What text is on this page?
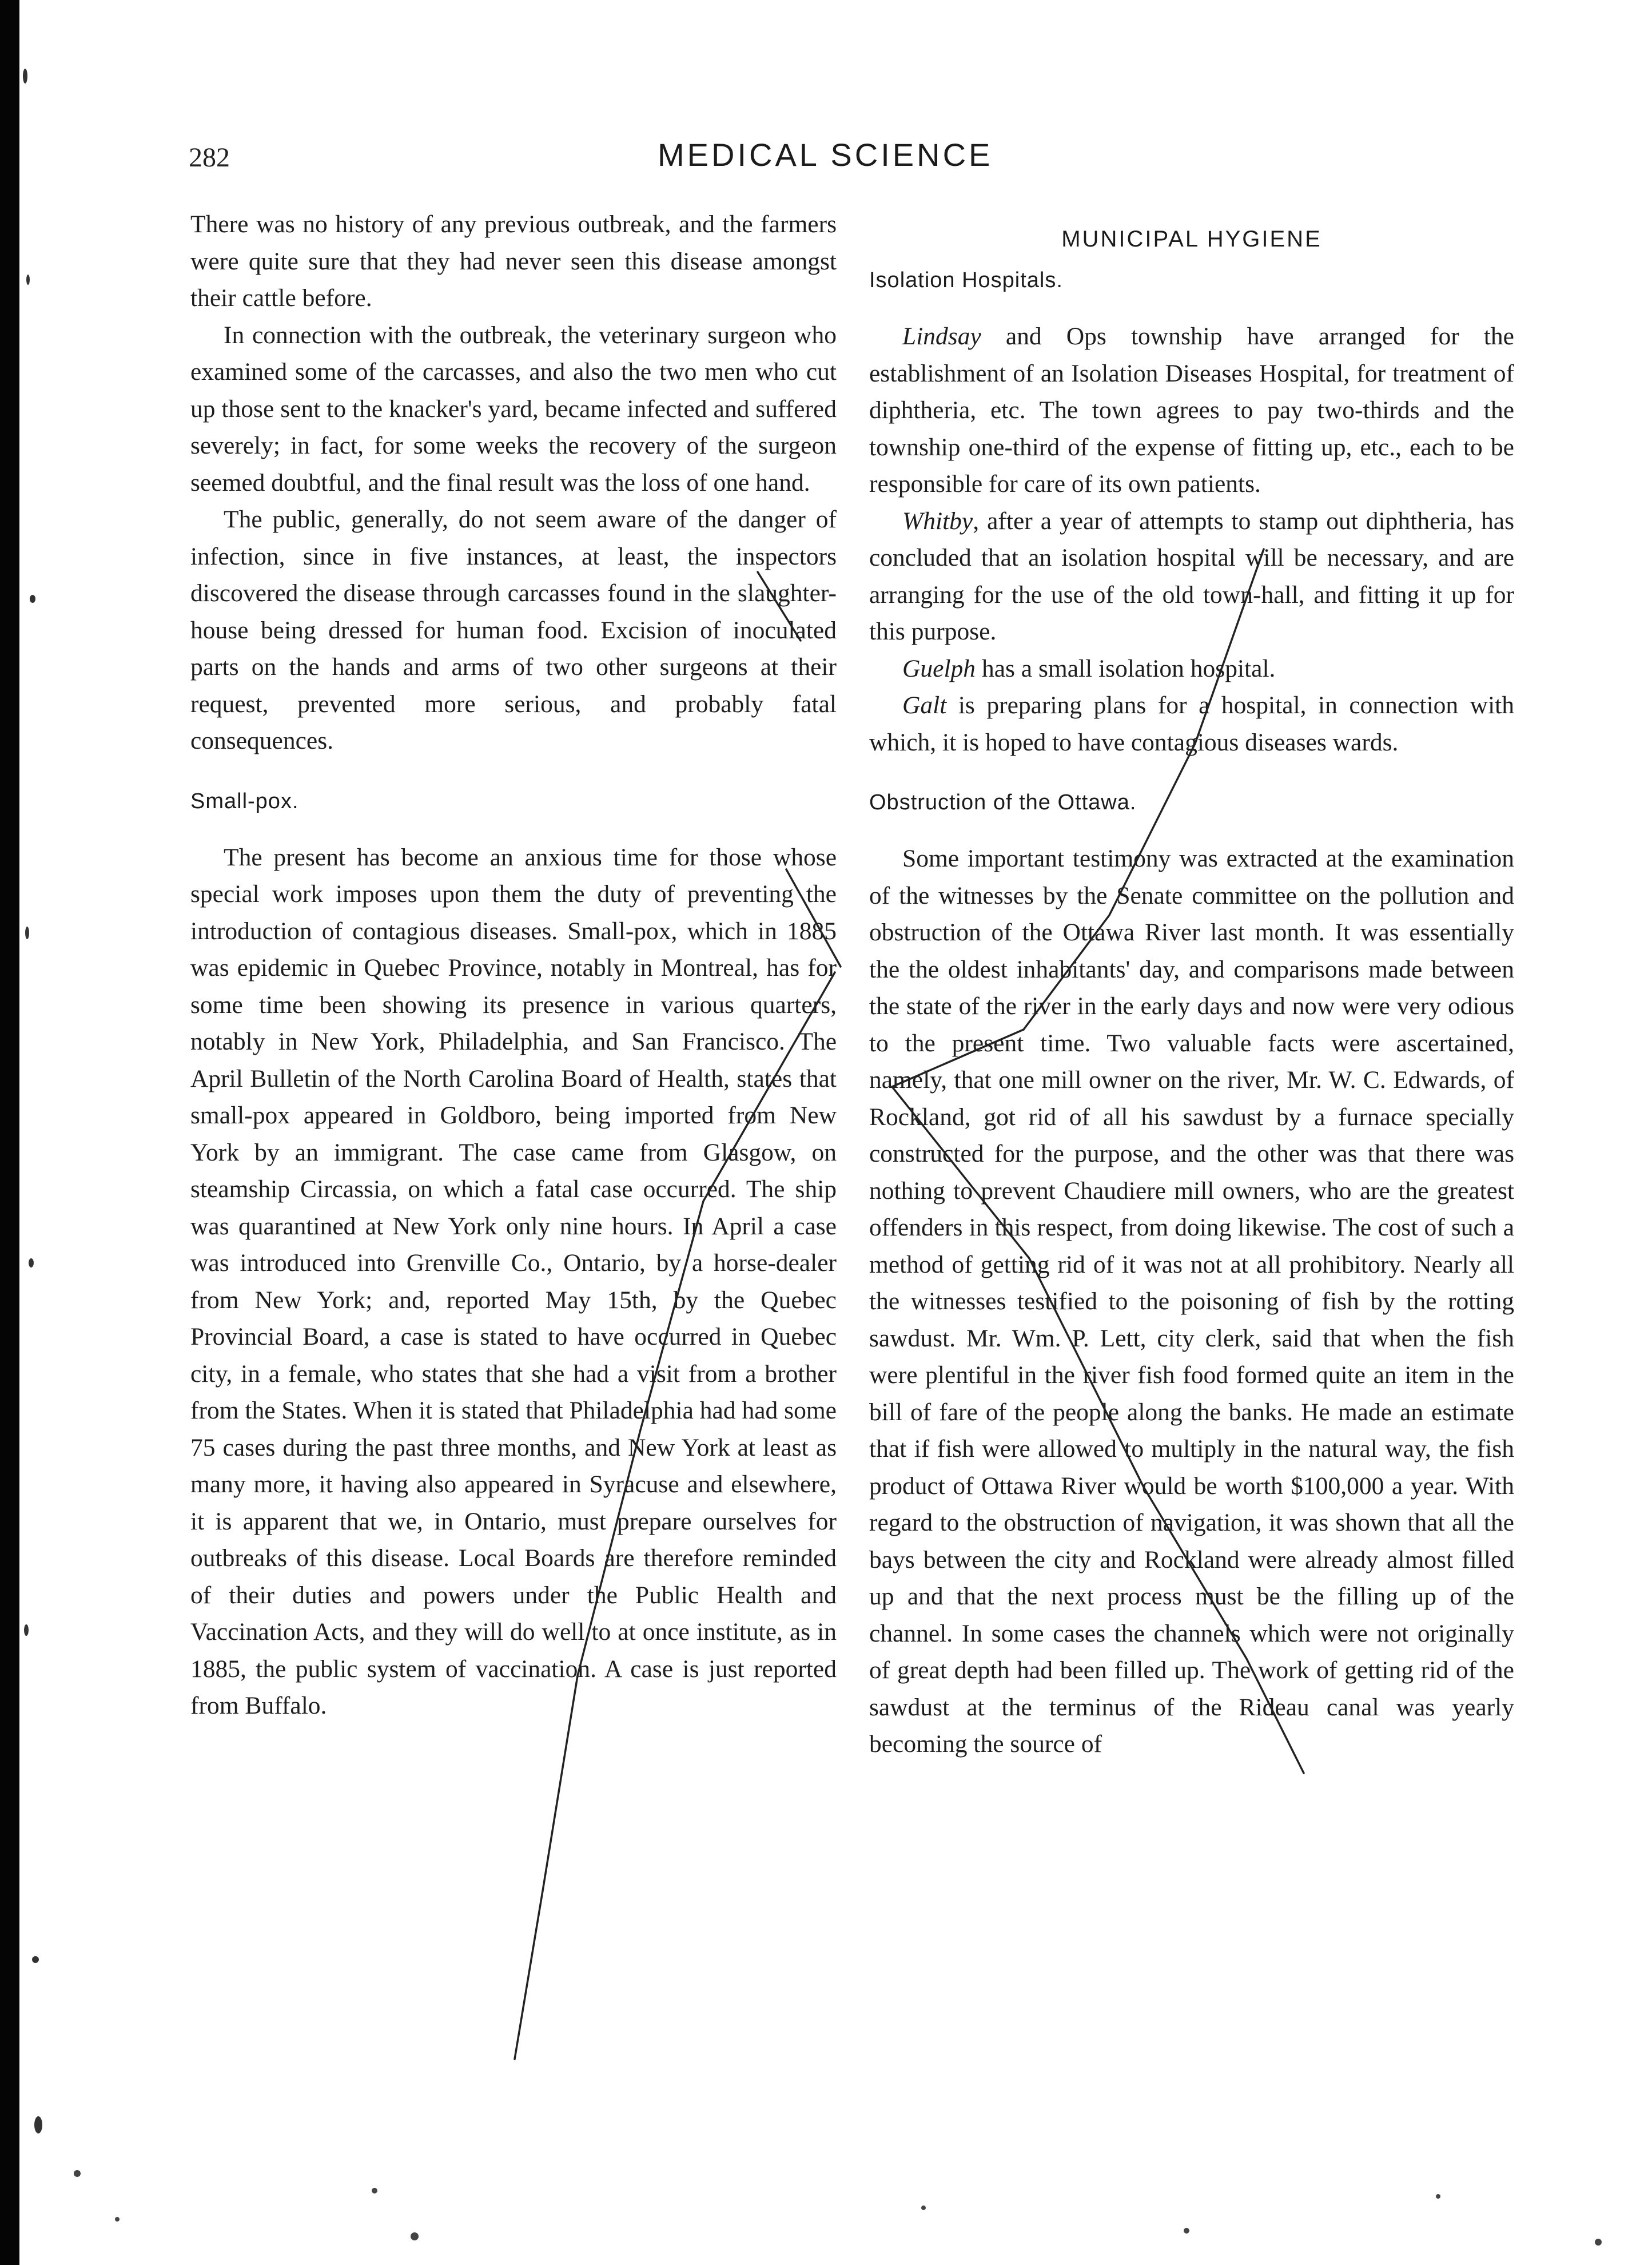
282	MEDICAL SCIENCE

There was no history of any previous outbreak, and the farmers were quite sure that they had never seen this disease amongst their cattle before.

In connection with the outbreak, the veterinary surgeon who examined some of the carcasses, and also the two men who cut up those sent to the knacker's yard, became infected and suffered severely; in fact, for some weeks the recovery of the surgeon seemed doubtful, and the final result was the loss of one hand.

The public, generally, do not seem aware of the danger of infection, since in five instances, at least, the inspectors discovered the disease through carcasses found in the slaughter-house being dressed for human food. Excision of inoculated parts on the hands and arms of two other surgeons at their request, prevented more serious, and probably fatal consequences.

Small-pox.

The present has become an anxious time for those whose special work imposes upon them the duty of preventing the introduction of contagious diseases. Small-pox, which in 1885 was epidemic in Quebec Province, notably in Montreal, has for some time been showing its presence in various quarters, notably in New York, Philadelphia, and San Francisco. The April Bulletin of the North Carolina Board of Health, states that small-pox appeared in Goldboro, being imported from New York by an immigrant. The case came from Glasgow, on steamship Circassia, on which a fatal case occurred. The ship was quarantined at New York only nine hours. In April a case was introduced into Grenville Co., Ontario, by a horse-dealer from New York; and, reported May 15th, by the Quebec Provincial Board, a case is stated to have occurred in Quebec city, in a female, who states that she had a visit from a brother from the States. When it is stated that Philadelphia had had some 75 cases during the past three months, and New York at least as many more, it having also appeared in Syracuse and elsewhere, it is apparent that we, in Ontario, must prepare ourselves for outbreaks of this disease. Local Boards are therefore reminded of their duties and powers under the Public Health and Vaccination Acts, and they will do well to at once institute, as in 1885, the public system of vaccination. A case is just reported from Buffalo.

MUNICIPAL HYGIENE
Isolation Hospitals.

Lindsay and Ops township have arranged for the establishment of an Isolation Diseases Hospital, for treatment of diphtheria, etc. The town agrees to pay two-thirds and the township one-third of the expense of fitting up, etc., each to be responsible for care of its own patients.

Whitby, after a year of attempts to stamp out diphtheria, has concluded that an isolation hospital will be necessary, and are arranging for the use of the old town-hall, and fitting it up for this purpose.

Guelph has a small isolation hospital.

Galt is preparing plans for a hospital, in connection with which, it is hoped to have contagious diseases wards.

Obstruction of the Ottawa.

Some important testimony was extracted at the examination of the witnesses by the Senate committee on the pollution and obstruction of the Ottawa River last month. It was essentially the the oldest inhabitants' day, and comparisons made between the state of the river in the early days and now were very odious to the present time. Two valuable facts were ascertained, namely, that one mill owner on the river, Mr. W. C. Edwards, of Rockland, got rid of all his sawdust by a furnace specially constructed for the purpose, and the other was that there was nothing to prevent Chaudiere mill owners, who are the greatest offenders in this respect, from doing likewise. The cost of such a method of getting rid of it was not at all prohibitory. Nearly all the witnesses testified to the poisoning of fish by the rotting sawdust. Mr. Wm. P. Lett, city clerk, said that when the fish were plentiful in the river fish food formed quite an item in the bill of fare of the people along the banks. He made an estimate that if fish were allowed to multiply in the natural way, the fish product of Ottawa River would be worth $100,000 a year. With regard to the obstruction of navigation, it was shown that all the bays between the city and Rockland were already almost filled up and that the next process must be the filling up of the channel. In some cases the channels which were not originally of great depth had been filled up. The work of getting rid of the sawdust at the terminus of the Rideau canal was yearly becoming the source of
